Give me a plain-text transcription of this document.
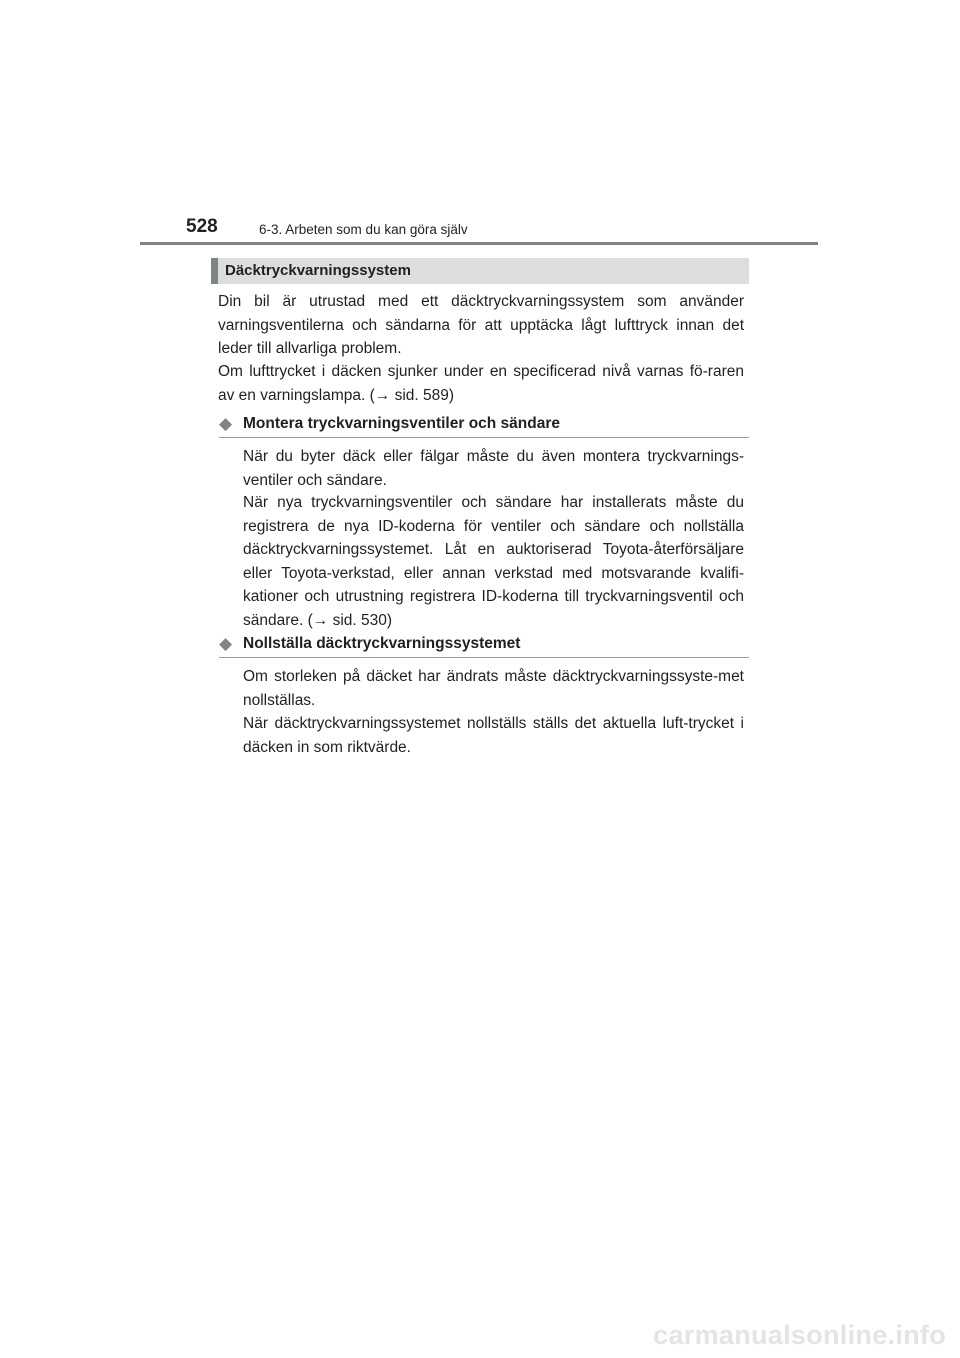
528	6-3. Arbeten som du kan göra själv
Däcktryckvarningssystem

Din bil är utrustad med ett däcktryckvarningssystem som använder varningsventilerna och sändarna för att upptäcka lågt lufttryck innan det leder till allvarliga problem.

Om lufttrycket i däcken sjunker under en specificerad nivå varnas fö-raren av en varningslampa. (→ sid. 589)

◆ Montera tryckvarningsventiler och sändare

När du byter däck eller fälgar måste du även montera tryckvarnings-ventiler och sändare.

När nya tryckvarningsventiler och sändare har installerats måste du registrera de nya ID-koderna för ventiler och sändare och nollställa däcktryckvarningssystemet. Låt en auktoriserad Toyota-återförsäljare eller Toyota-verkstad, eller annan verkstad med motsvarande kvalifi-kationer och utrustning registrera ID-koderna till tryckvarningsventil och sändare. (→ sid. 530)

◆ Nollställa däcktryckvarningssystemet

Om storleken på däcket har ändrats måste däcktryckvarningssyste-met nollställas.

När däcktryckvarningssystemet nollställs ställs det aktuella luft-trycket i däcken in som riktvärde.

carmanualsonline.info
